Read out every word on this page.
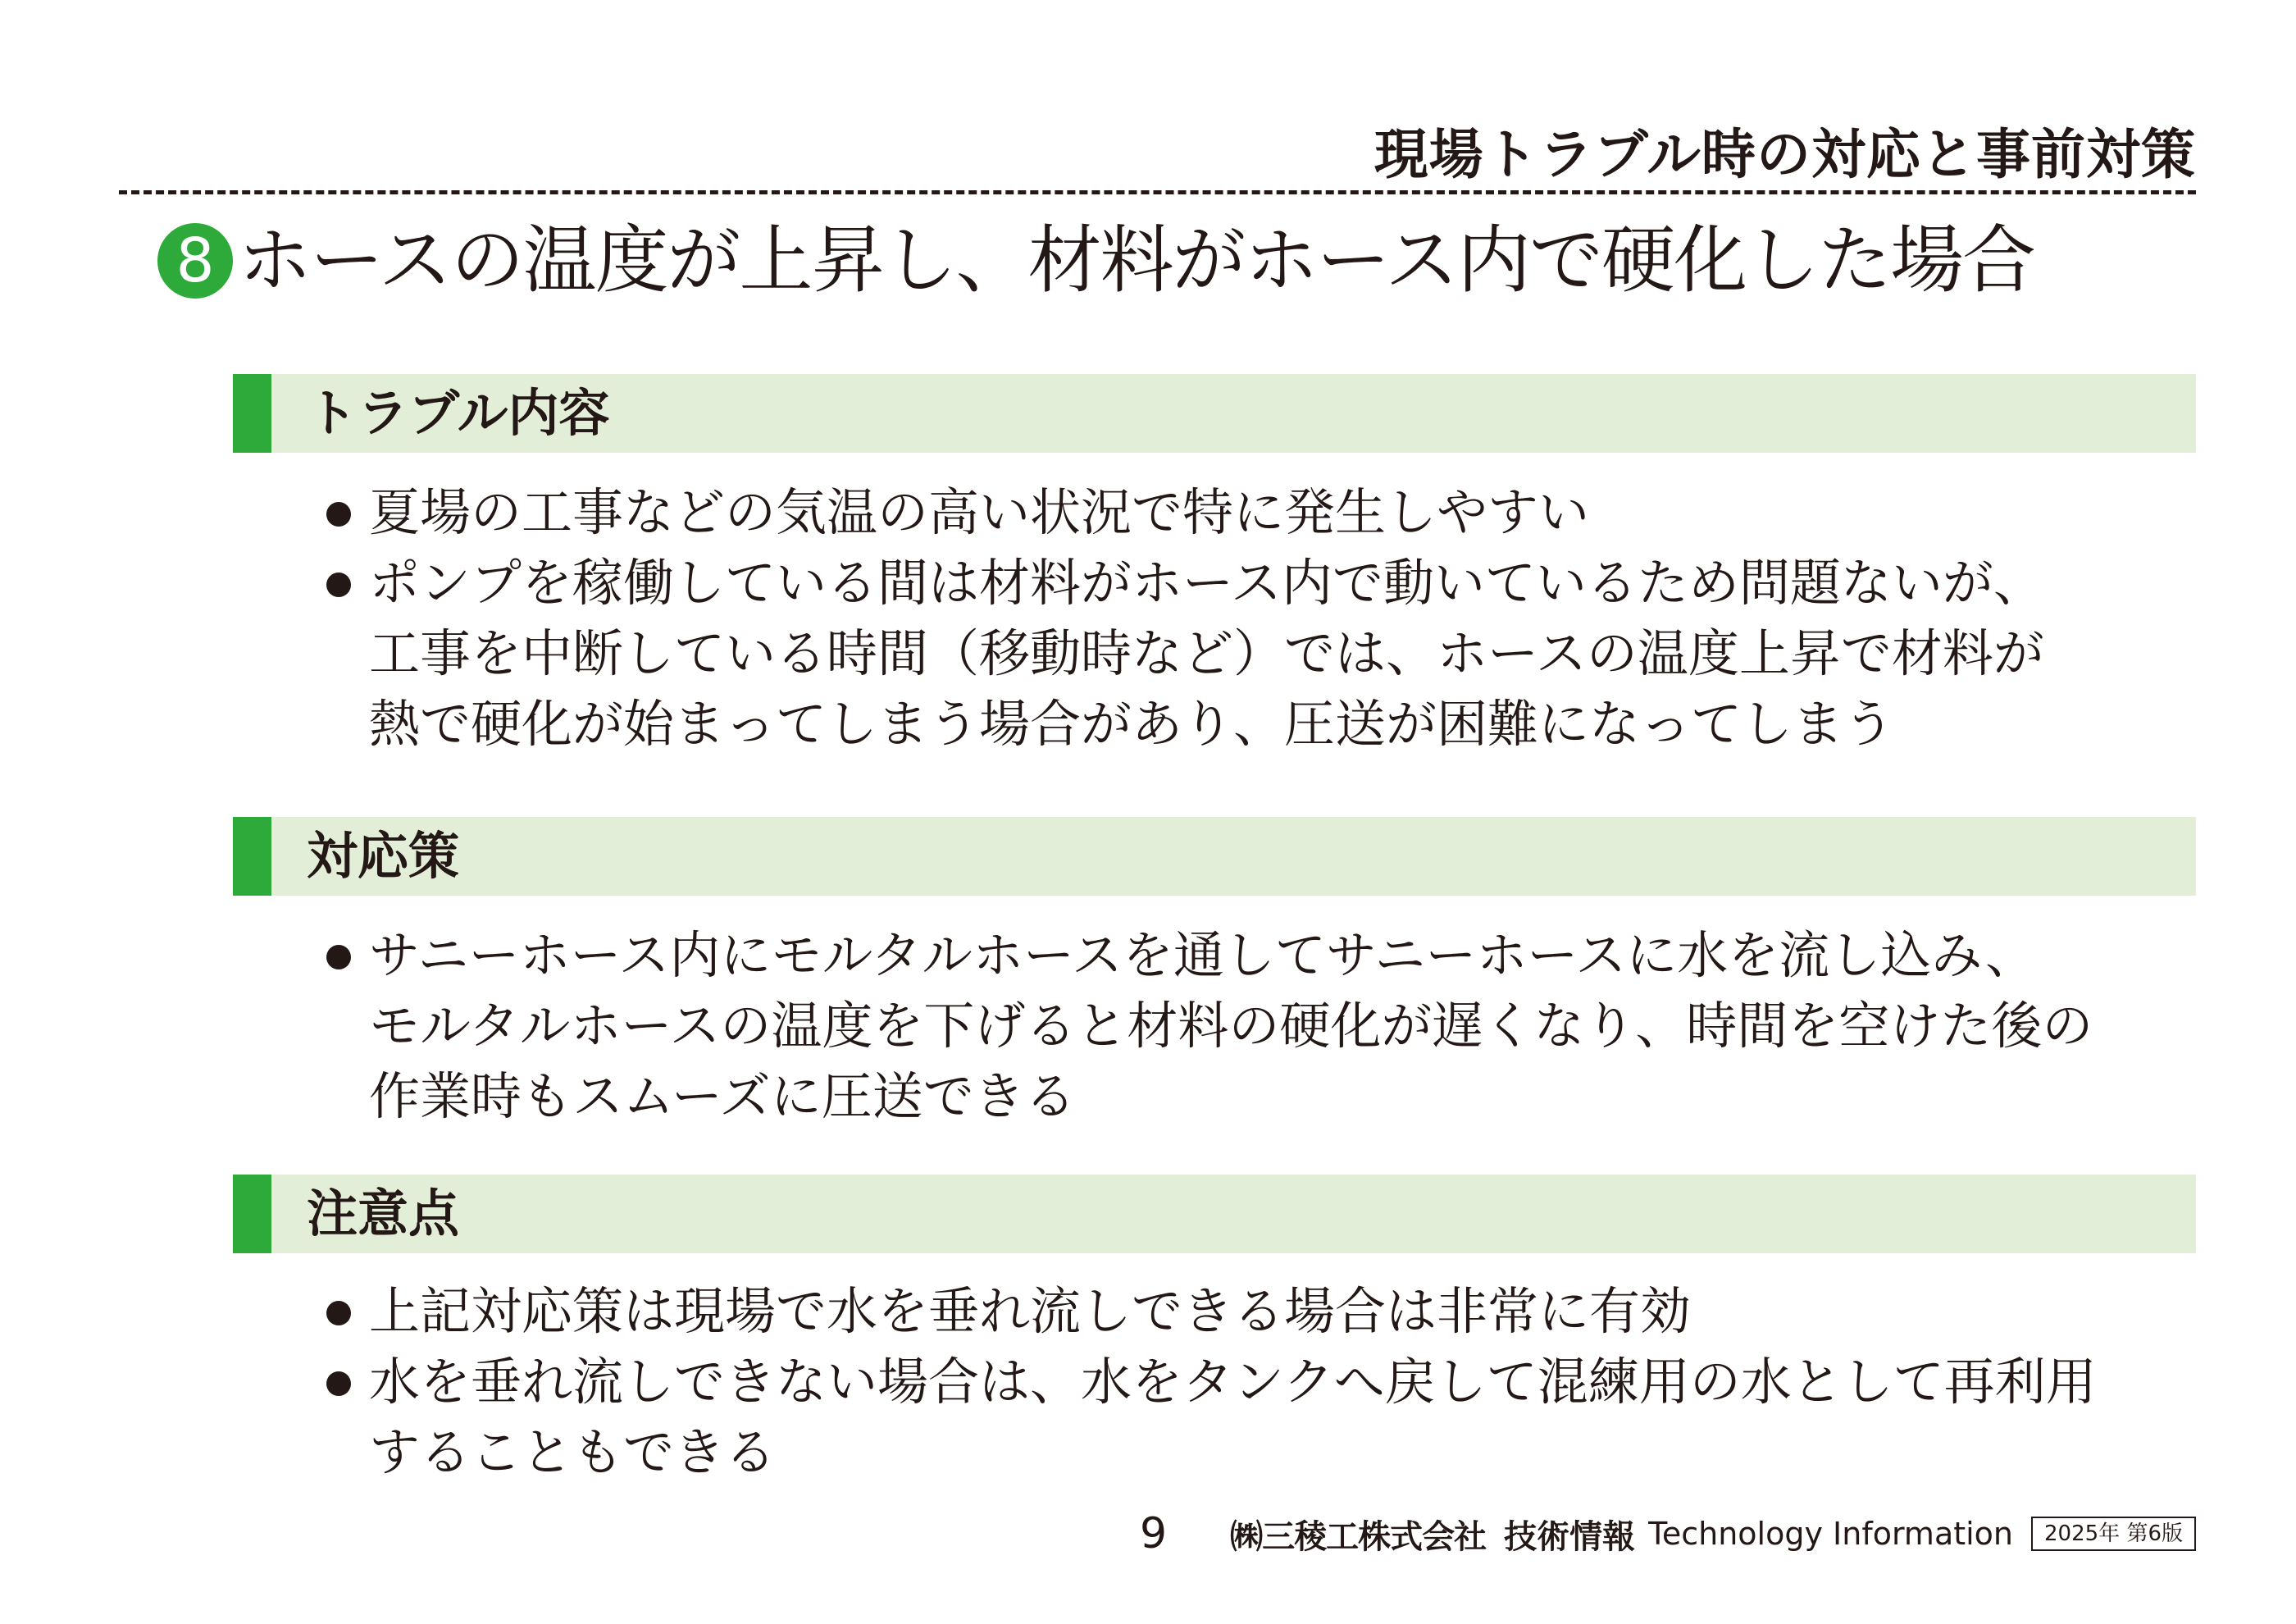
現場トラブル時の対応と事前対策
8 ホースの温度が上昇し、材料がホース内で硬化した場合
トラブル内容
夏場の工事などの気温の高い状況で特に発生しやすい
ポンプを稼働している間は材料がホース内で動いているため問題ないが、
工事を中断している時間（移動時など）では、ホースの温度上昇で材料が
熱で硬化が始まってしまう場合があり、圧送が困難になってしまう
対応策
サニーホース内にモルタルホースを通してサニーホースに水を流し込み、
モルタルホースの温度を下げると材料の硬化が遅くなり、時間を空けた後の
作業時もスムーズに圧送できる
注意点
上記対応策は現場で水を垂れ流しできる場合は非常に有効
水を垂れ流しできない場合は、水をタンクへ戻して混練用の水として再利用
することもできる
9 ㈱三稜工株式会社 技術情報 Technology Information	2025年 第6版
